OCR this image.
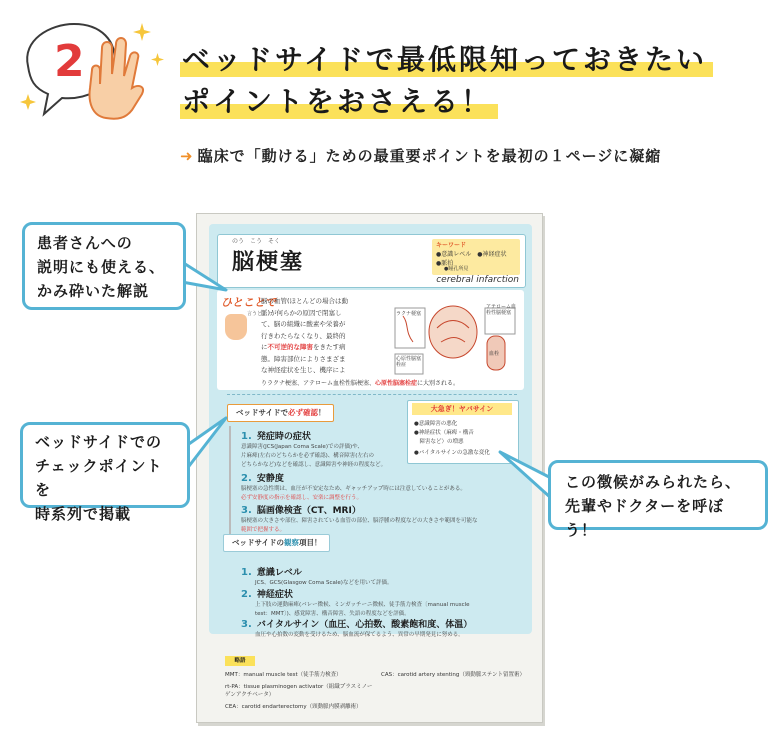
2	ベッドサイドで最低限知っておきたい
ポイントをおさえる！
➜ 臨床で「動ける」ための最重要ポイントを最初の１ページに凝縮
のう　こう　そく
脳梗塞
キーワード
●意識レベル　●神経症状
●脈拍
●瞳孔所見
cerebral infarction
ひとことで
言うと…
脳の血管(ほとんどの場合は動
脈)が何らかの原因で閉塞し
て、脳の組織に酸素や栄養が
行きわたらなくなり、最終的
に不可逆的な障害をきたす病
態。障害部位によりさまざま
な神経症状を生じ、機序によ
りラクナ梗塞、アテローム血栓性脳梗塞、心原性脳塞栓症に大別される。
ラクナ梗塞
アテローム血栓性脳梗塞
心原性脳塞栓症
血栓
ベッドサイドで必ず確認！	大急ぎ！ヤバサイン
●意識障害の悪化
●神経症状（麻痺・構音
　障害など）の増悪
●バイタルサインの急激な変化
1. 発症時の症状
意識障害(JCS(Japan Coma Scale)での評価)や、
片麻痺(左右のどちらかを必ず確認)、構音障害(左右の
どちらかなど)などを確認し、意識障害や神経の程度など。
2. 安静度
脳梗塞の急性期は、血圧が不安定なため、ギャッチアップ時には注意していることがある。
必ず安静度の指示を確認し、安楽に調整を行う。
3. 脳画像検査（CT、MRI）
脳梗塞の大きさや部位、障害されている血管の部位、脳浮腫の程度などの大きさや範囲を可能な
範囲で把握する。
ベッドサイドの観察項目！
1. 意識レベル
JCS、GCS(Glasgow Coma Scale)などを用いて評価。
2. 神経症状
上下肢の運動麻痺(バレー徴候、ミンガッチーニ徴候、徒手筋力検査〔manual muscle
test：MMT〕)、感覚障害、構音障害、失語の程度などを評価。
3. バイタルサイン（血圧、心拍数、酸素飽和度、体温）
血圧や心拍数の変動を受けるため、脳血流が保てるよう、異常の早期発見に努める。
略語
MMT：manual muscle test（徒手筋力検査）
rt-PA：tissue plasminogen activator（組織プラスミノーゲンアクチベータ）
CEA：carotid endarterectomy（頸動脈内膜剥離術）
CAS：carotid artery stenting（頸動脈ステント留置術）
患者さんへの
説明にも使える、
かみ砕いた解説
ベッドサイドでの
チェックポイントを
時系列で掲載
この徴候がみられたら、
先輩やドクターを呼ぼう！
